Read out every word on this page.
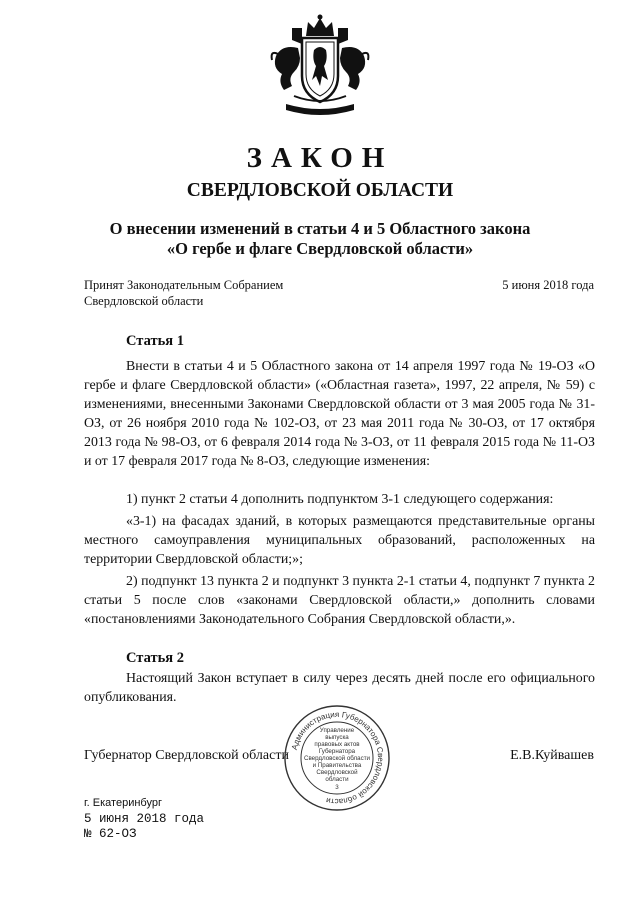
ЗАКОН
СВЕРДЛОВСКОЙ ОБЛАСТИ
О внесении изменений в статьи 4 и 5 Областного закона
«О гербе и флаге Свердловской области»
Принят Законодательным Собранием
Свердловской области
5 июня 2018 года
Статья 1

Внести в статьи 4 и 5 Областного закона от 14 апреля 1997 года № 19-ОЗ «О гербе и флаге Свердловской области» («Областная газета», 1997, 22 апреля, № 59) с изменениями, внесенными Законами Свердловской области от 3 мая 2005 года № 31-ОЗ, от 26 ноября 2010 года № 102-ОЗ, от 23 мая 2011 года № 30-ОЗ, от 17 октября 2013 года № 98-ОЗ, от 6 февраля 2014 года № 3-ОЗ, от 11 февраля 2015 года № 11-ОЗ и от 17 февраля 2017 года № 8-ОЗ, следующие изменения:

1) пункт 2 статьи 4 дополнить подпунктом 3-1 следующего содержания:

«3-1) на фасадах зданий, в которых размещаются представительные органы местного самоуправления муниципальных образований, расположенных на территории Свердловской области;»;

2) подпункт 13 пункта 2 и подпункт 3 пункта 2-1 статьи 4, подпункт 7 пункта 2 статьи 5 после слов «законами Свердловской области,» дополнить словами «постановлениями Законодательного Собрания Свердловской области,».

Статья 2

Настоящий Закон вступает в силу через десять дней после его официального опубликования.

Губернатор Свердловской области	Е.В.Куйвашев
Администрация Губернатора Свердловской области
Управление
выпуска
правовых актов
Губернатора
Свердловской области
и Правительства
Свердловской
области
3
г. Екатеринбург
5 июня 2018 года
№ 62-ОЗ
